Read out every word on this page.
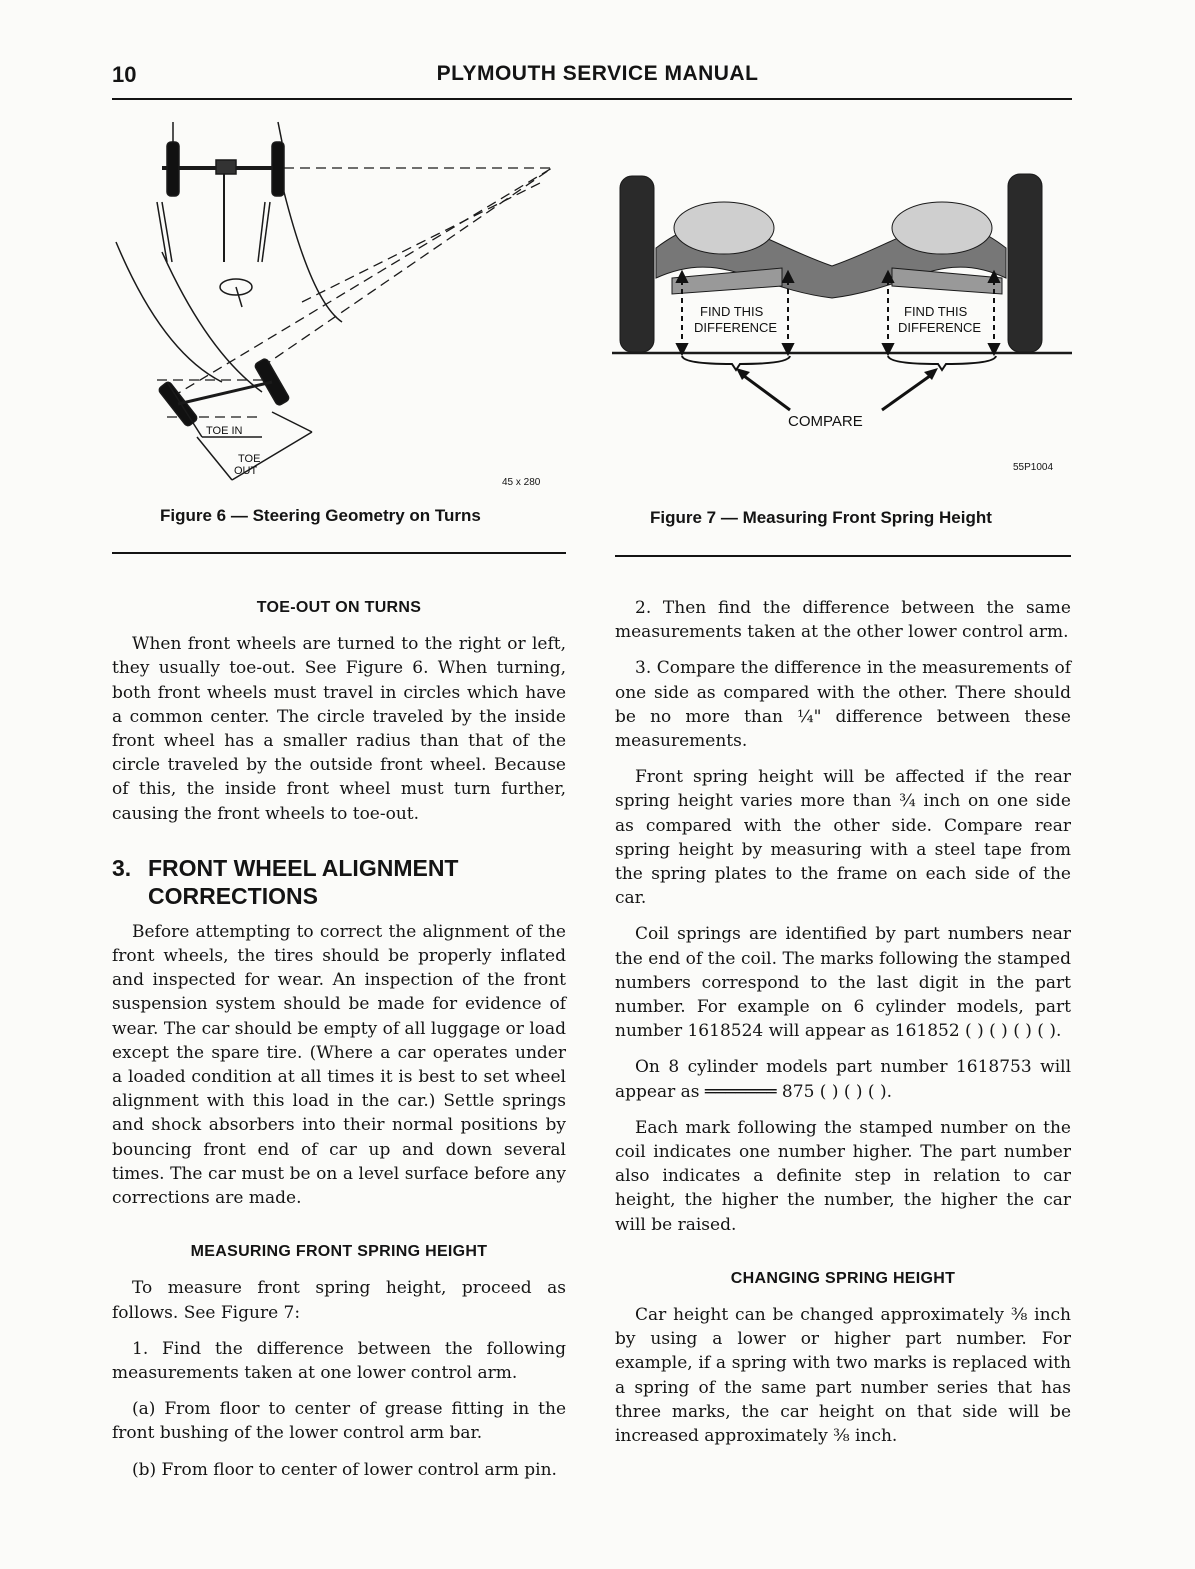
10	PLYMOUTH SERVICE MANUAL
TOE IN
TOE
OUT
45 x 280
Figure 6 — Steering Geometry on Turns
FIND THIS
DIFFERENCE
FIND THIS
DIFFERENCE
COMPARE
55P1004
Figure 7 — Measuring Front Spring Height
TOE-OUT ON TURNS

When front wheels are turned to the right or left, they usually toe-out. See Figure 6. When turning, both front wheels must travel in circles which have a common center. The circle traveled by the inside front wheel has a smaller radius than that of the circle traveled by the outside front wheel. Because of this, the inside front wheel must turn further, causing the front wheels to toe-out.

3. FRONT WHEEL ALIGNMENT
CORRECTIONS

Before attempting to correct the alignment of the front wheels, the tires should be properly inflated and inspected for wear. An inspection of the front suspension system should be made for evidence of wear. The car should be empty of all luggage or load except the spare tire. (Where a car operates under a loaded condition at all times it is best to set wheel alignment with this load in the car.) Settle springs and shock absorbers into their normal positions by bouncing front end of car up and down several times. The car must be on a level surface before any corrections are made.

MEASURING FRONT SPRING HEIGHT

To measure front spring height, proceed as follows. See Figure 7:

1. Find the difference between the following measurements taken at one lower control arm.

(a) From floor to center of grease fitting in the front bushing of the lower control arm bar.

(b) From floor to center of lower control arm pin.

2. Then find the difference between the same measurements taken at the other lower control arm.

3. Compare the difference in the measurements of one side as compared with the other. There should be no more than ¼" difference between these measurements.

Front spring height will be affected if the rear spring height varies more than ¾ inch on one side as compared with the other side. Compare rear spring height by measuring with a steel tape from the spring plates to the frame on each side of the car.

Coil springs are identified by part numbers near the end of the coil. The marks following the stamped numbers correspond to the last digit in the part number. For example on 6 cylinder models, part number 1618524 will appear as 161852 ( ) ( ) ( ) ( ).

On 8 cylinder models part number 1618753 will appear as ═══════ 875 ( ) ( ) ( ).

Each mark following the stamped number on the coil indicates one number higher. The part number also indicates a definite step in relation to car height, the higher the number, the higher the car will be raised.

CHANGING SPRING HEIGHT

Car height can be changed approximately ⅜ inch by using a lower or higher part number. For example, if a spring with two marks is replaced with a spring of the same part number series that has three marks, the car height on that side will be increased approximately ⅜ inch.
